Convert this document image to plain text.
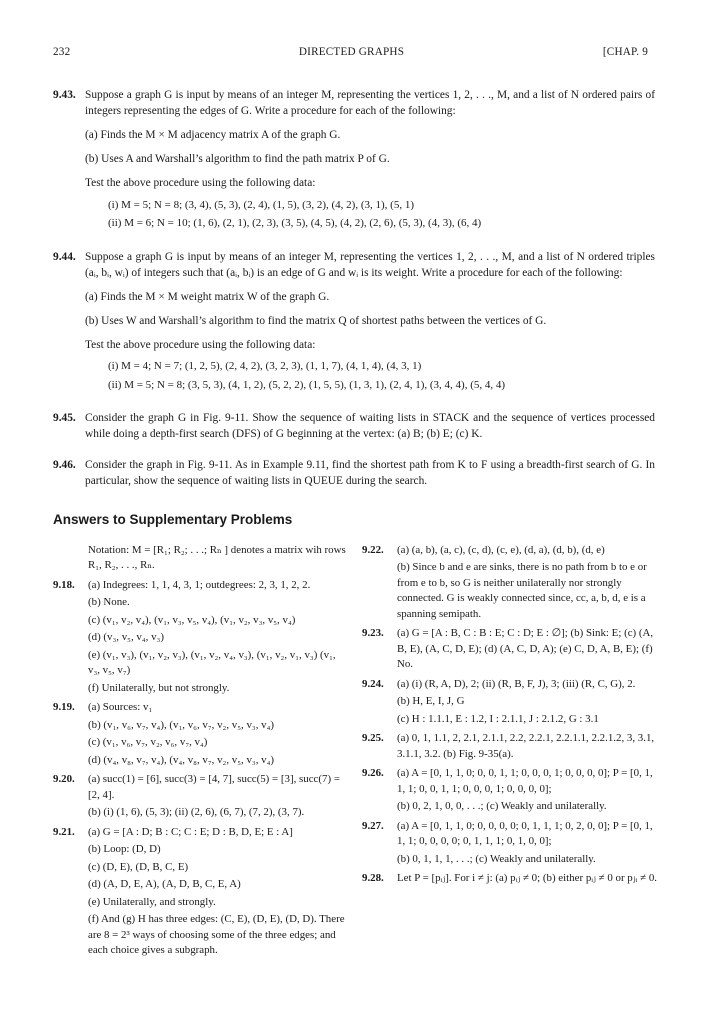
232	DIRECTED GRAPHS	[CHAP. 9
9.43. Suppose a graph G is input by means of an integer M, representing the vertices 1, 2, . . ., M, and a list of N ordered pairs of integers representing the edges of G. Write a procedure for each of the following:
(a) Finds the M × M adjacency matrix A of the graph G.
(b) Uses A and Warshall’s algorithm to find the path matrix P of G.
Test the above procedure using the following data:
(i) M = 5; N = 8; (3, 4), (5, 3), (2, 4), (1, 5), (3, 2), (4, 2), (3, 1), (5, 1)
(ii) M = 6; N = 10; (1, 6), (2, 1), (2, 3), (3, 5), (4, 5), (4, 2), (2, 6), (5, 3), (4, 3), (6, 4)
9.44. Suppose a graph G is input by means of an integer M, representing the vertices 1, 2, . . ., M, and a list of N ordered triples (aᵢ, bᵢ, wᵢ) of integers such that (aᵢ, bᵢ) is an edge of G and wᵢ is its weight. Write a procedure for each of the following:
(a) Finds the M × M weight matrix W of the graph G.
(b) Uses W and Warshall’s algorithm to find the matrix Q of shortest paths between the vertices of G.
Test the above procedure using the following data:
(i) M = 4; N = 7; (1, 2, 5), (2, 4, 2), (3, 2, 3), (1, 1, 7), (4, 1, 4), (4, 3, 1)
(ii) M = 5; N = 8; (3, 5, 3), (4, 1, 2), (5, 2, 2), (1, 5, 5), (1, 3, 1), (2, 4, 1), (3, 4, 4), (5, 4, 4)
9.45. Consider the graph G in Fig. 9-11. Show the sequence of waiting lists in STACK and the sequence of vertices processed while doing a depth-first search (DFS) of G beginning at the vertex: (a) B; (b) E; (c) K.
9.46. Consider the graph in Fig. 9-11. As in Example 9.11, find the shortest path from K to F using a breadth-first search of G. In particular, show the sequence of waiting lists in QUEUE during the search.
Answers to Supplementary Problems
Notation: M = [R₁; R₂; . . .; Rₙ ] denotes a matrix wih rows R₁, R₂, . . ., Rₙ.
9.18.	(a) Indegrees: 1, 1, 4, 3, 1; outdegrees: 2, 3, 1, 2, 2.
(b) None.
(c) (v₁, v₂, v₄), (v₁, v₃, v₅, v₄), (v₁, v₂, v₃, v₅, v₄)
(d) (v₃, v₅, v₄, v₃)
(e) (v₁, v₃), (v₁, v₂, v₃), (v₁, v₂, v₄, v₃), (v₁, v₂, v₁, v₃) (v₁, v₃, v₅, v₇)
(f) Unilaterally, but not strongly.
9.19.	(a) Sources: v₁
(b) (v₁, v₆, v₇, v₄), (v₁, v₆, v₇, v₂, v₅, v₃, v₄)
(c) (v₁, v₆, v₇, v₂, v₆, v₇, v₄)
(d) (v₄, v₈, v₇, v₄), (v₄, v₈, v₇, v₂, v₅, v₃, v₄)
9.20.	(a) succ(1) = [6], succ(3) = [4, 7], succ(5) = [3], succ(7) = [2, 4].
(b) (i) (1, 6), (5, 3); (ii) (2, 6), (6, 7), (7, 2), (3, 7).
9.21.	(a) G = [A : D; B : C; C : E; D : B, D, E; E : A]
(b) Loop: (D, D)
(c) (D, E), (D, B, C, E)
(d) (A, D, E, A), (A, D, B, C, E, A)
(e) Unilaterally, and strongly.
(f) And (g) H has three edges: (C, E), (D, E), (D, D). There are 8 = 2³ ways of choosing some of the three edges; and each choice gives a subgraph.
9.22.	(a) (a, b), (a, c), (c, d), (c, e), (d, a), (d, b), (d, e)
(b) Since b and e are sinks, there is no path from b to e or from e to b, so G is neither unilaterally nor strongly connected. G is weakly connected since, cc, a, b, d, e is a spanning semipath.
9.23.	(a) G = [A : B, C : B : E; C : D; E : ∅]; (b) Sink: E; (c) (A, B, E), (A, C, D, E); (d) (A, C, D, A); (e) C, D, A, B, E); (f) No.
9.24.	(a) (i) (R, A, D), 2; (ii) (R, B, F, J), 3; (iii) (R, C, G), 2.
(b) H, E, I, J, G
(c) H : 1.1.1, E : 1.2, I : 2.1.1, J : 2.1.2, G : 3.1
9.25.	(a) 0, 1, 1.1, 2, 2.1, 2.1.1, 2.2, 2.2.1, 2.2.1.1, 2.2.1.2, 3, 3.1, 3.1.1, 3.2. (b) Fig. 9-35(a).
9.26.	(a) A = [0, 1, 1, 0; 0, 0, 1, 1; 0, 0, 0, 1; 0, 0, 0, 0]; P = [0, 1, 1, 1; 0, 0, 1, 1; 0, 0, 0, 1; 0, 0, 0, 0];
(b) 0, 2, 1, 0, 0, . . .; (c) Weakly and unilaterally.
9.27.	(a) A = [0, 1, 1, 0; 0, 0, 0, 0; 0, 1, 1, 1; 0, 2, 0, 0]; P = [0, 1, 1, 1; 0, 0, 0, 0; 0, 1, 1, 1; 0, 1, 0, 0];
(b) 0, 1, 1, 1, . . .; (c) Weakly and unilaterally.
9.28.	Let P = [pᵢⱼ]. For i ≠ j: (a) pᵢⱼ ≠ 0; (b) either pᵢⱼ ≠ 0 or pⱼᵢ ≠ 0.
